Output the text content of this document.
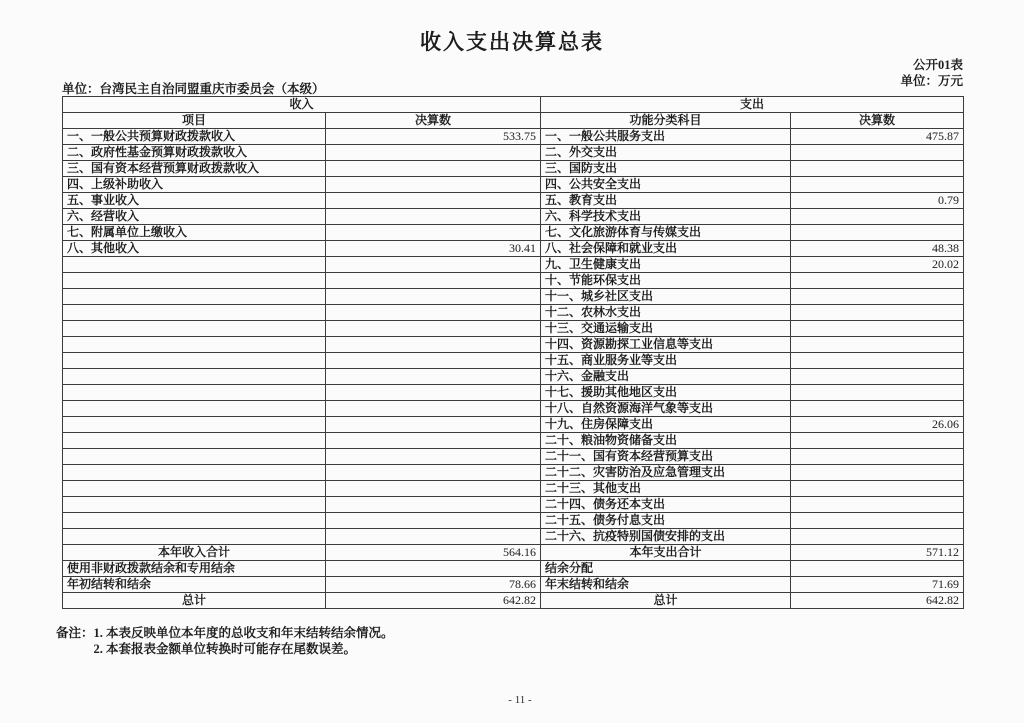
收入支出决算总表
公开01表
单位：万元
单位：台湾民主自治同盟重庆市委员会（本级）
收入		支出	
项目	决算数	功能分类科目	决算数
一、一般公共预算财政拨款收入	533.75	一、一般公共服务支出	475.87
二、政府性基金预算财政拨款收入		二、外交支出	
三、国有资本经营预算财政拨款收入		三、国防支出	
四、上级补助收入		四、公共安全支出	
五、事业收入		五、教育支出	0.79
六、经营收入		六、科学技术支出	
七、附属单位上缴收入		七、文化旅游体育与传媒支出	
八、其他收入	30.41	八、社会保障和就业支出	48.38
		九、卫生健康支出	20.02
		十、节能环保支出	
		十一、城乡社区支出	
		十二、农林水支出	
		十三、交通运输支出	
		十四、资源勘探工业信息等支出	
		十五、商业服务业等支出	
		十六、金融支出	
		十七、援助其他地区支出	
		十八、自然资源海洋气象等支出	
		十九、住房保障支出	26.06
		二十、粮油物资储备支出	
		二十一、国有资本经营预算支出	
		二十二、灾害防治及应急管理支出	
		二十三、其他支出	
		二十四、债务还本支出	
		二十五、债务付息支出	
		二十六、抗疫特别国债安排的支出	
本年收入合计	564.16	本年支出合计	571.12
使用非财政拨款结余和专用结余		结余分配	
年初结转和结余	78.66	年末结转和结余	71.69
总计	642.82	总计	642.82
备注： 1. 本表反映单位本年度的总收支和年末结转结余情况。
2. 本套报表金额单位转换时可能存在尾数误差。
- 11 -
